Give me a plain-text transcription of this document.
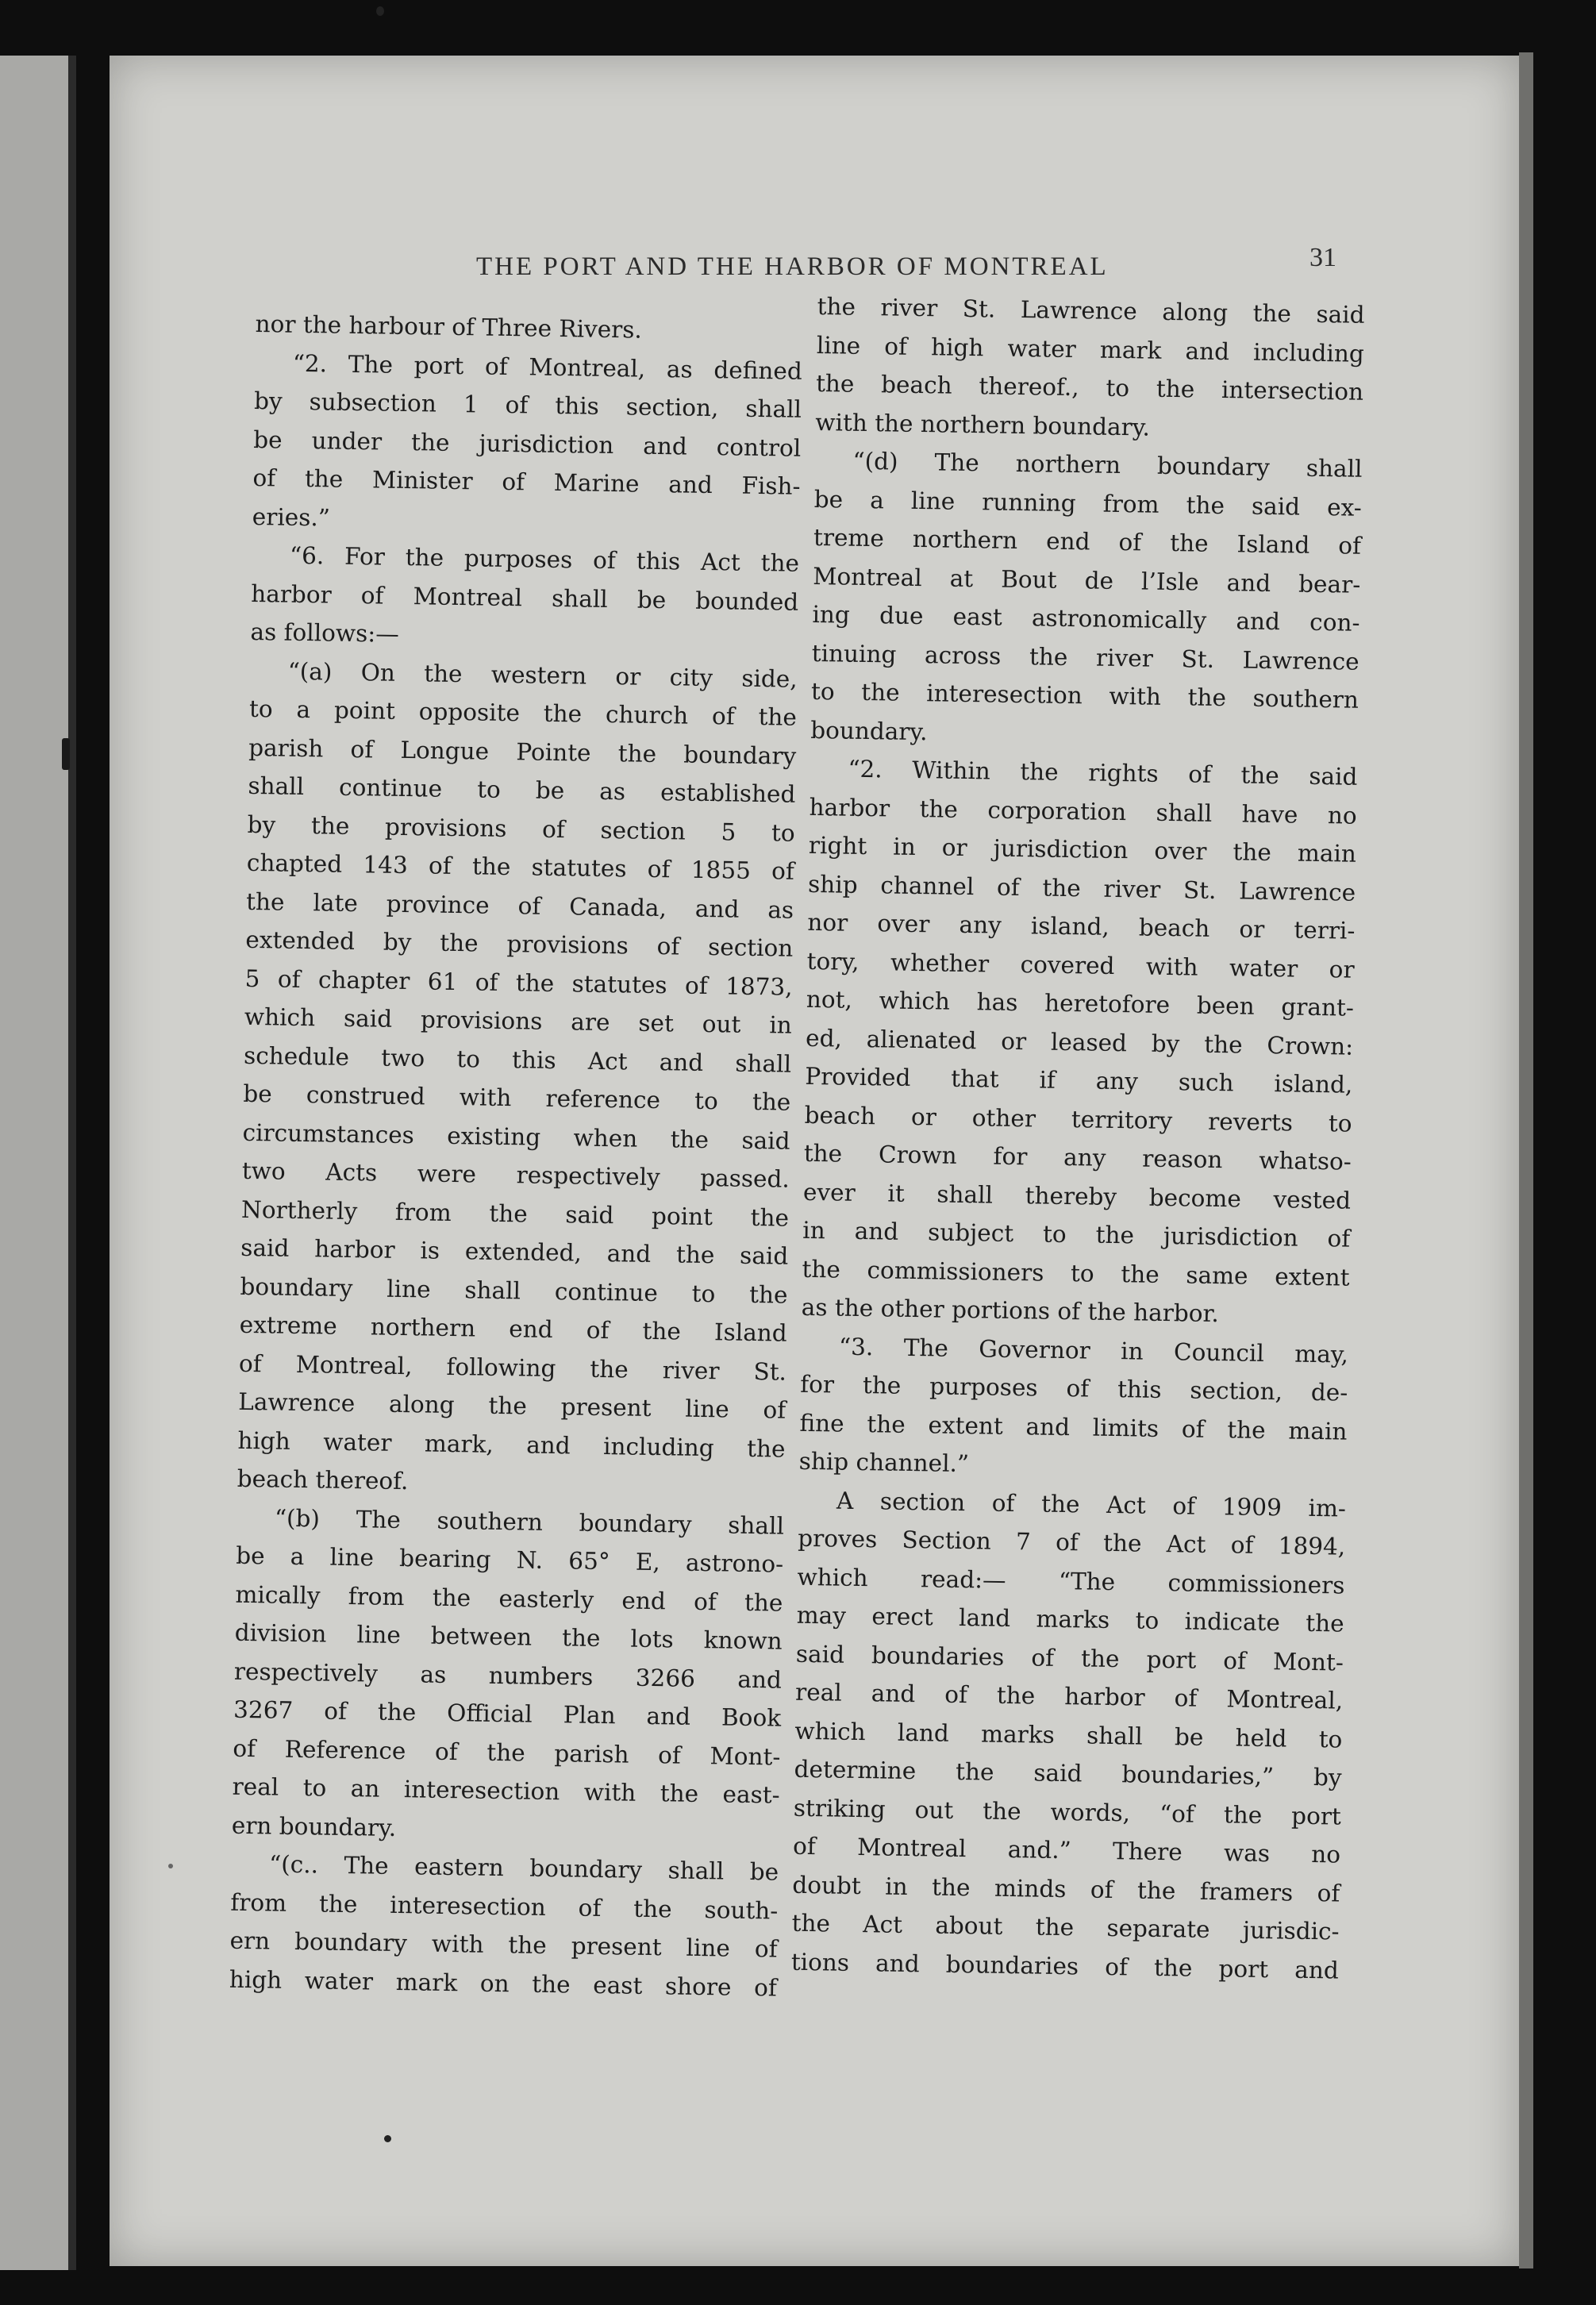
THE PORT AND THE HARBOR OF MONTREAL	31
nor the harbour of Three Rivers.
“2. The port of Montreal, as defined
by subsection 1 of this section, shall
be under the jurisdiction and control
of the Minister of Marine and Fish-
eries.”
“6. For the purposes of this Act the
harbor of Montreal shall be bounded
as follows:—
“(a) On the western or city side,
to a point opposite the church of the
parish of Longue Pointe the boundary
shall continue to be as established
by the provisions of section 5 to
chapted 143 of the statutes of 1855 of
the late province of Canada, and as
extended by the provisions of section
5 of chapter 61 of the statutes of 1873,
which said provisions are set out in
schedule two to this Act and shall
be construed with reference to the
circumstances existing when the said
two Acts were respectively passed.
Northerly from the said point the
said harbor is extended, and the said
boundary line shall continue to the
extreme northern end of the Island
of Montreal, following the river St.
Lawrence along the present line of
high water mark, and including the
beach thereof.
“(b) The southern boundary shall
be a line bearing N. 65° E, astrono-
mically from the easterly end of the
division line between the lots known
respectively as numbers 3266 and
3267 of the Official Plan and Book
of Reference of the parish of Mont-
real to an interesection with the east-
ern boundary.
“(c.. The eastern boundary shall be
from the interesection of the south-
ern boundary with the present line of
high water mark on the east shore of
the river St. Lawrence along the said
line of high water mark and including
the beach thereof., to the intersection
with the northern boundary.
“(d) The northern boundary shall
be a line running from the said ex-
treme northern end of the Island of
Montreal at Bout de l’Isle and bear-
ing due east astronomically and con-
tinuing across the river St. Lawrence
to the interesection with the southern
boundary.
“2. Within the rights of the said
harbor the corporation shall have no
right in or jurisdiction over the main
ship channel of the river St. Lawrence
nor over any island, beach or terri-
tory, whether covered with water or
not, which has heretofore been grant-
ed, alienated or leased by the Crown:
Provided that if any such island,
beach or other territory reverts to
the Crown for any reason whatso-
ever it shall thereby become vested
in and subject to the jurisdiction of
the commissioners to the same extent
as the other portions of the harbor.
“3. The Governor in Council may,
for the purposes of this section, de-
fine the extent and limits of the main
ship channel.”
A section of the Act of 1909 im-
proves Section 7 of the Act of 1894,
which read:— “The commissioners
may erect land marks to indicate the
said boundaries of the port of Mont-
real and of the harbor of Montreal,
which land marks shall be held to
determine the said boundaries,” by
striking out the words, “of the port
of Montreal and.” There was no
doubt in the minds of the framers of
the Act about the separate jurisdic-
tions and boundaries of the port and
